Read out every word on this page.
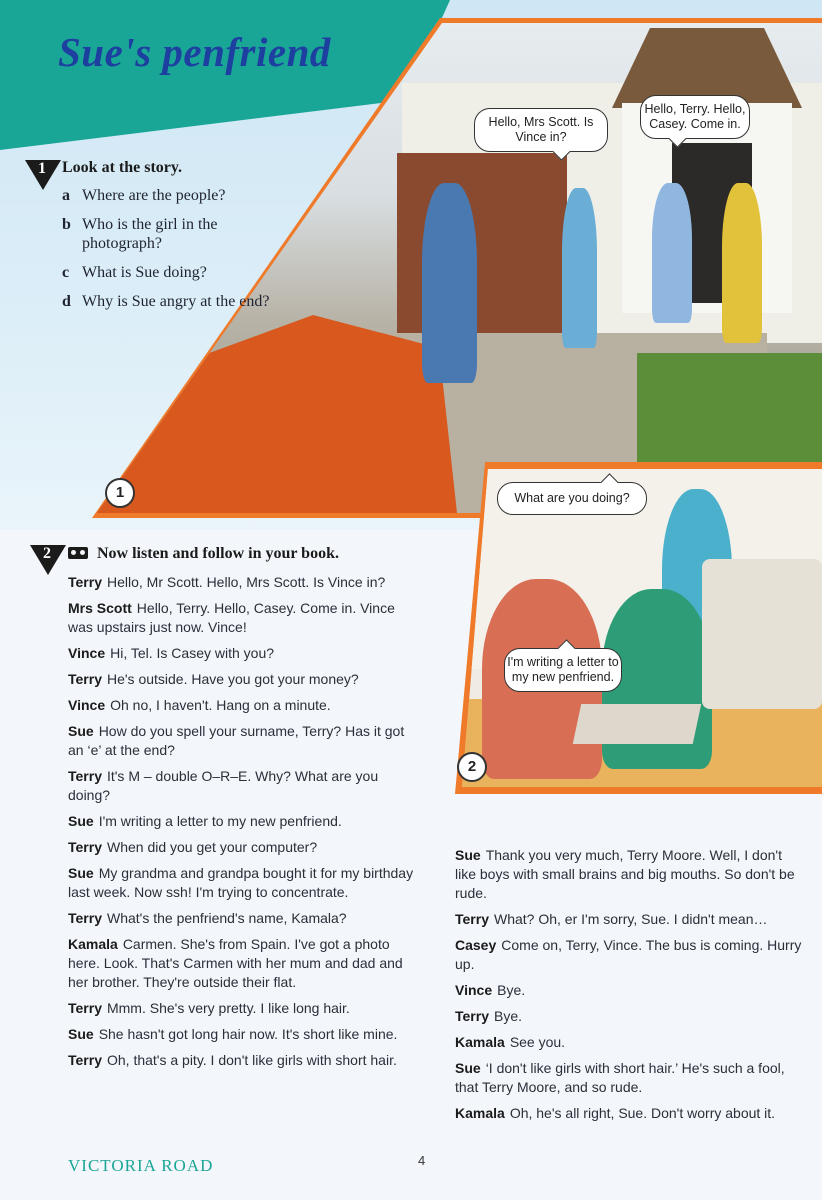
Sue's penfriend
1
Hello, Mrs Scott. Is Vince in?
Hello, Terry. Hello, Casey. Come in.
2
What are you doing?
I'm writing a letter to my new penfriend.
1 Look at the story.

a Where are the people?
b Who is the girl in the photograph?
c What is Sue doing?
d Why is Sue angry at the end?
2	Now listen and follow in your book.

Terry Hello, Mr Scott. Hello, Mrs Scott. Is Vince in?

Mrs Scott Hello, Terry. Hello, Casey. Come in. Vince was upstairs just now. Vince!

Vince Hi, Tel. Is Casey with you?

Terry He's outside. Have you got your money?

Vince Oh no, I haven't. Hang on a minute.

Sue How do you spell your surname, Terry? Has it got an ‘e’ at the end?

Terry It's M – double O–R–E. Why? What are you doing?

Sue I'm writing a letter to my new penfriend.

Terry When did you get your computer?

Sue My grandma and grandpa bought it for my birthday last week. Now ssh! I'm trying to concentrate.

Terry What's the penfriend's name, Kamala?

Kamala Carmen. She's from Spain. I've got a photo here. Look. That's Carmen with her mum and dad and her brother. They're outside their flat.

Terry Mmm. She's very pretty. I like long hair.

Sue She hasn't got long hair now. It's short like mine.

Terry Oh, that's a pity. I don't like girls with short hair.

Sue Thank you very much, Terry Moore. Well, I don't like boys with small brains and big mouths. So don't be rude.

Terry What? Oh, er I'm sorry, Sue. I didn't mean…

Casey Come on, Terry, Vince. The bus is coming. Hurry up.

Vince Bye.

Terry Bye.

Kamala See you.

Sue ‘I don't like girls with short hair.’ He's such a fool, that Terry Moore, and so rude.

Kamala Oh, he's all right, Sue. Don't worry about it.

VICTORIA ROAD	4
